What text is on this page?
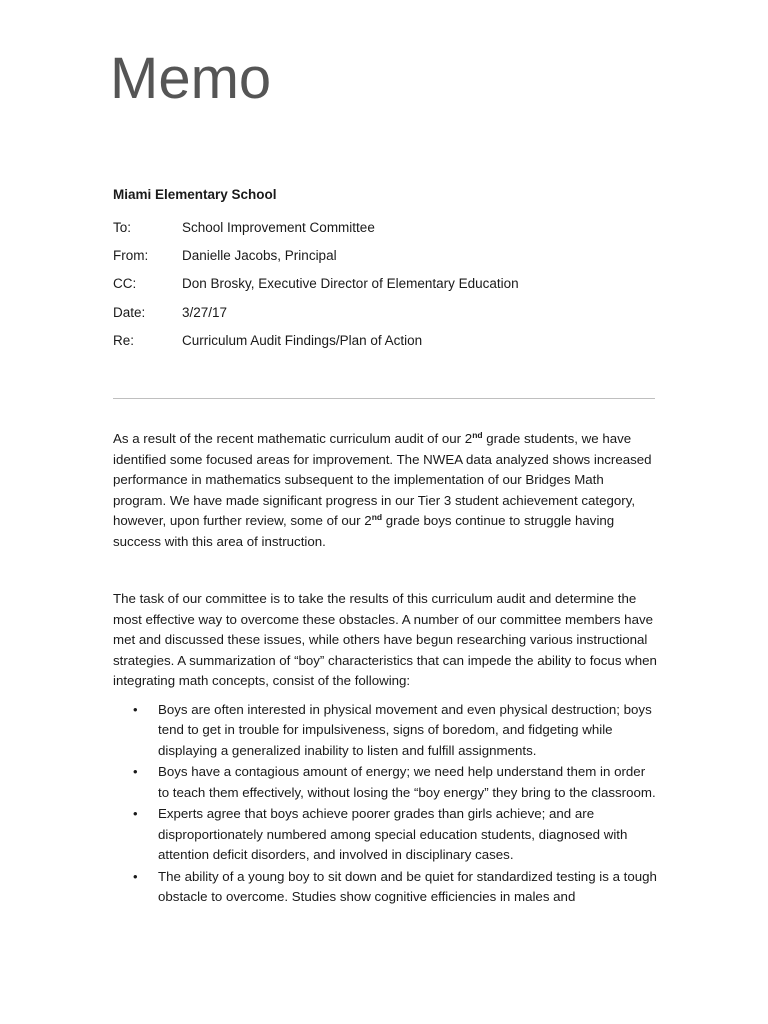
Memo
Miami Elementary School
To:	School Improvement Committee
From:	Danielle Jacobs, Principal
CC:	Don Brosky, Executive Director of Elementary Education
Date:	3/27/17
Re:	Curriculum Audit Findings/Plan of Action

As a result of the recent mathematic curriculum audit of our 2nd grade students, we have identified some focused areas for improvement. The NWEA data analyzed shows increased performance in mathematics subsequent to the implementation of our Bridges Math program. We have made significant progress in our Tier 3 student achievement category, however, upon further review, some of our 2nd grade boys continue to struggle having success with this area of instruction.

The task of our committee is to take the results of this curriculum audit and determine the most effective way to overcome these obstacles. A number of our committee members have met and discussed these issues, while others have begun researching various instructional strategies. A summarization of “boy” characteristics that can impede the ability to focus when integrating math concepts, consist of the following:

• Boys are often interested in physical movement and even physical destruction; boys tend to get in trouble for impulsiveness, signs of boredom, and fidgeting while displaying a generalized inability to listen and fulfill assignments.
• Boys have a contagious amount of energy; we need help understand them in order to teach them effectively, without losing the “boy energy” they bring to the classroom.
• Experts agree that boys achieve poorer grades than girls achieve; and are disproportionately numbered among special education students, diagnosed with attention deficit disorders, and involved in disciplinary cases.
• The ability of a young boy to sit down and be quiet for standardized testing is a tough obstacle to overcome. Studies show cognitive efficiencies in males and
